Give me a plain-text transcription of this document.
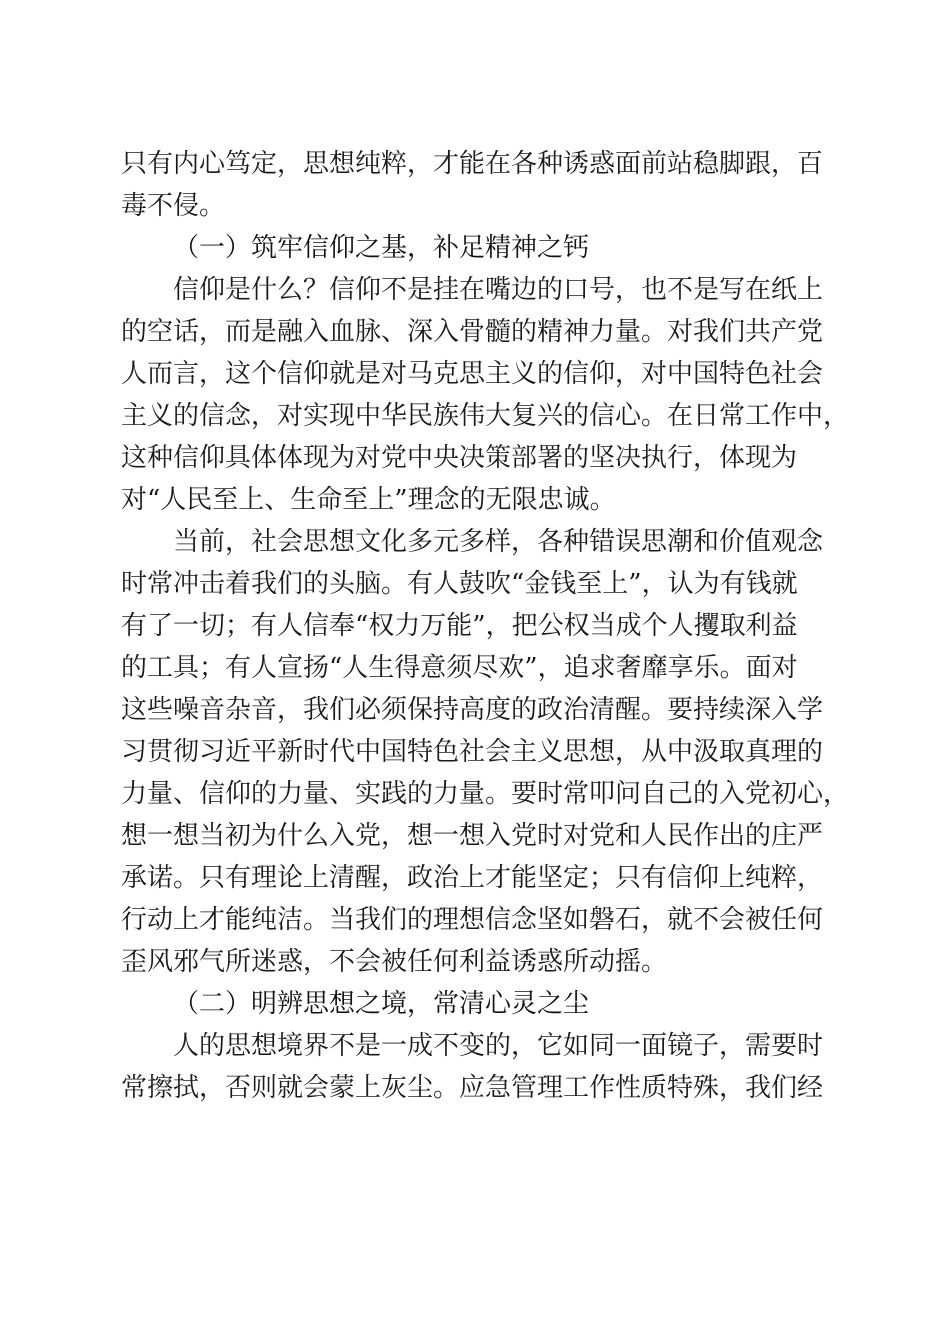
只有内心笃定，思想纯粹，才能在各种诱惑面前站稳脚跟，百
毒不侵。
（一）筑牢信仰之基，补足精神之钙
信仰是什么？信仰不是挂在嘴边的口号，也不是写在纸上
的空话，而是融入血脉、深入骨髓的精神力量。对我们共产党
人而言，这个信仰就是对马克思主义的信仰，对中国特色社会
主义的信念，对实现中华民族伟大复兴的信心。在日常工作中，
这种信仰具体体现为对党中央决策部署的坚决执行，体现为
对“人民至上、生命至上”理念的无限忠诚。
当前，社会思想文化多元多样，各种错误思潮和价值观念
时常冲击着我们的头脑。有人鼓吹“金钱至上”，认为有钱就
有了一切；有人信奉“权力万能”，把公权当成个人攫取利益
的工具；有人宣扬“人生得意须尽欢”，追求奢靡享乐。面对
这些噪音杂音，我们必须保持高度的政治清醒。要持续深入学
习贯彻习近平新时代中国特色社会主义思想，从中汲取真理的
力量、信仰的力量、实践的力量。要时常叩问自己的入党初心，
想一想当初为什么入党，想一想入党时对党和人民作出的庄严
承诺。只有理论上清醒，政治上才能坚定；只有信仰上纯粹，
行动上才能纯洁。当我们的理想信念坚如磐石，就不会被任何
歪风邪气所迷惑，不会被任何利益诱惑所动摇。
（二）明辨思想之境，常清心灵之尘
人的思想境界不是一成不变的，它如同一面镜子，需要时
常擦拭，否则就会蒙上灰尘。应急管理工作性质特殊，我们经
